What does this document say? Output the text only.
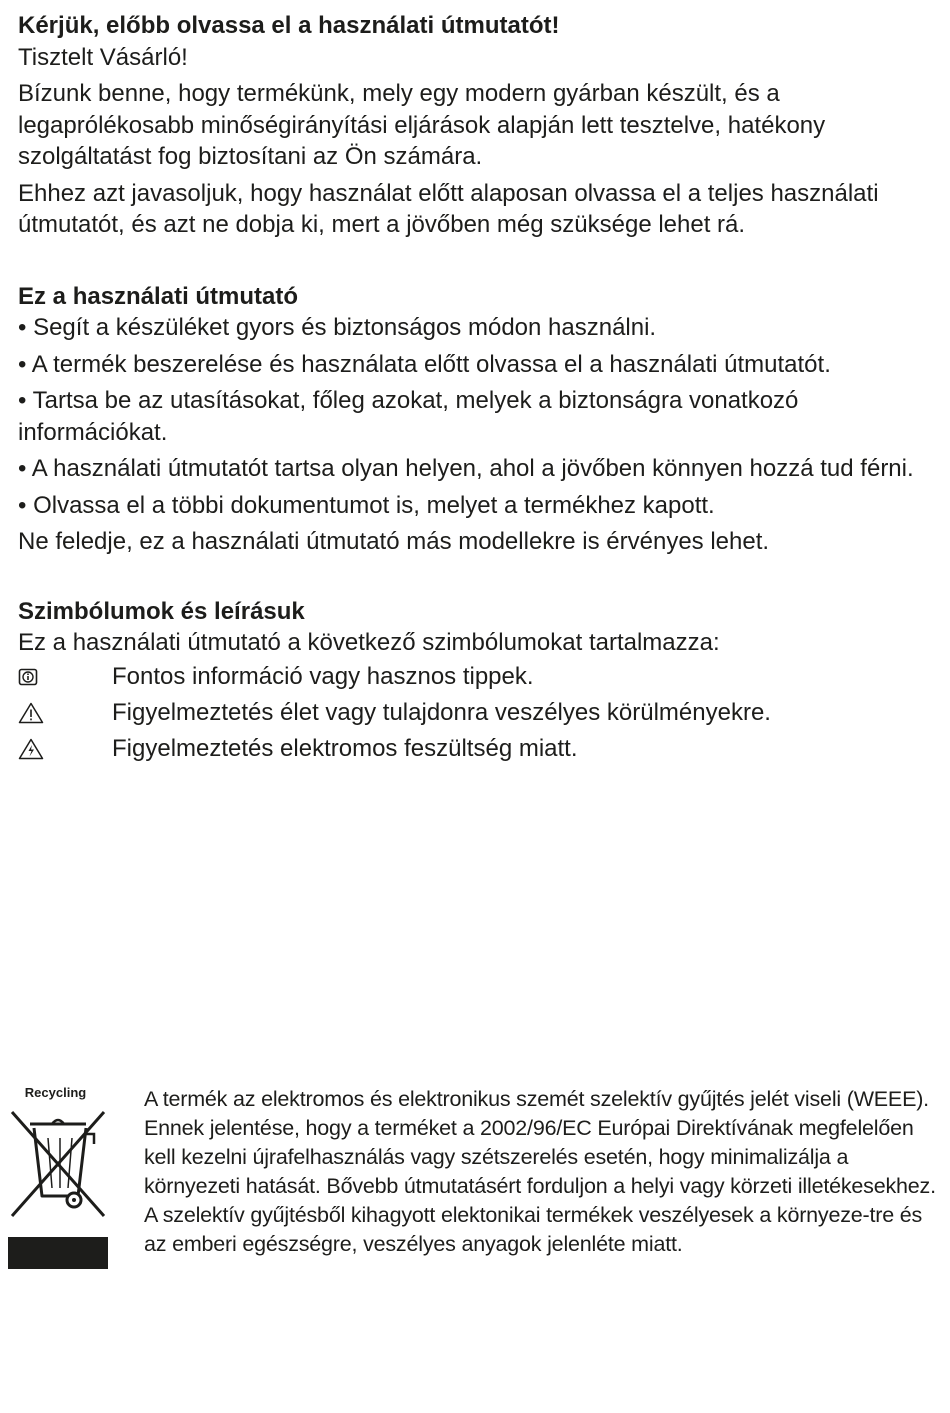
Kérjük, előbb olvassa el a használati útmutatót!

Tisztelt Vásárló!

Bízunk benne, hogy termékünk, mely egy modern gyárban készült, és a legaprólékosabb minőségirányítási eljárások alapján lett tesztelve, hatékony szolgáltatást fog biztosítani az Ön számára.

Ehhez azt javasoljuk, hogy használat előtt alaposan olvassa el a teljes használati útmutatót, és azt ne dobja ki, mert a jövőben még szüksége lehet rá.

Ez a használati útmutató

• Segít a készüléket gyors és biztonságos módon használni.

• A termék beszerelése és használata előtt olvassa el a használati útmutatót.

• Tartsa be az utasításokat, főleg azokat, melyek a biztonságra vonatkozó információkat.

• A használati útmutatót tartsa olyan helyen, ahol a jövőben könnyen hozzá tud férni.

• Olvassa el a többi dokumentumot is, melyet a termékhez kapott.

Ne feledje, ez a használati útmutató más modellekre is érvényes lehet.

Szimbólumok és leírásuk

Ez a használati útmutató a következő szimbólumokat tartalmazza:

Fontos információ vagy hasznos tippek.
Figyelmeztetés élet vagy tulajdonra veszélyes körülményekre.
Figyelmeztetés elektromos feszültség miatt.
Recycling	A termék az elektromos és elektronikus szemét szelektív gyűjtés jelét viseli (WEEE).

Ennek jelentése, hogy a terméket a 2002/96/EC Európai Direktívának megfelelően kell kezelni újrafelhasználás vagy szétszerelés esetén, hogy minimalizálja a környezeti hatását. Bővebb útmutatásért forduljon a helyi vagy körzeti illetékesekhez.

A szelektív gyűjtésből kihagyott elektonikai termékek veszélyesek a környeze-tre és az emberi egészségre, veszélyes anyagok jelenléte miatt.
